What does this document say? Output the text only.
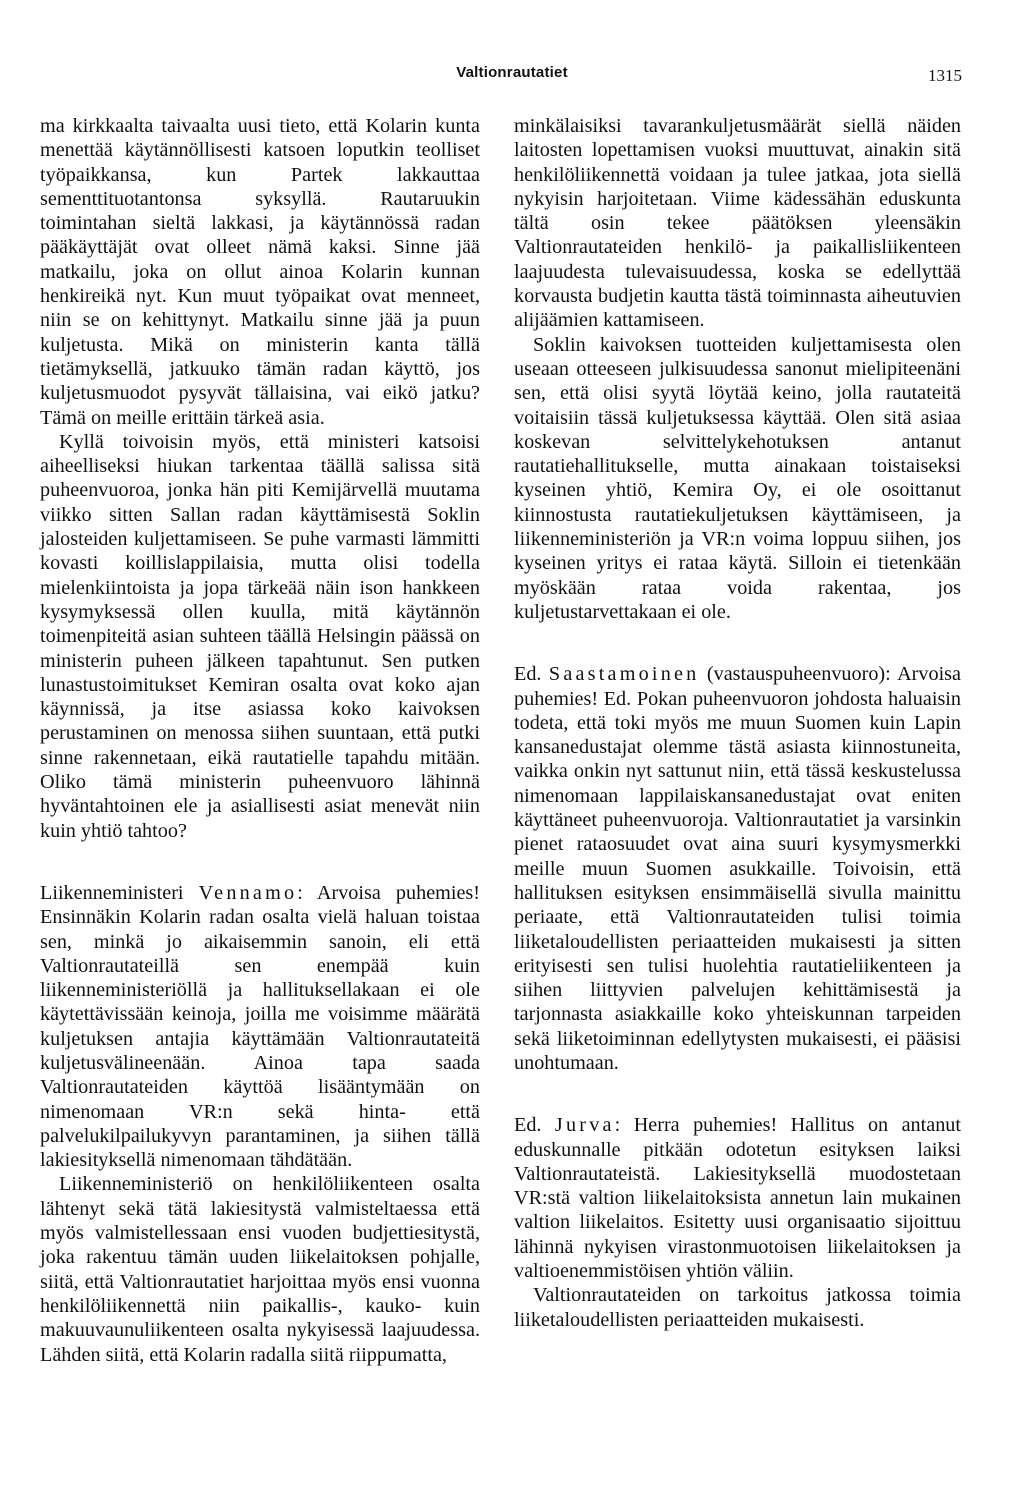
Valtionrautatiet	1315

ma kirkkaalta taivaalta uusi tieto, että Kolarin kunta menettää käytännöllisesti katsoen loputkin teolliset työpaikkansa, kun Partek lakkauttaa sementtituotantonsa syksyllä. Rautaruukin toimintahan sieltä lakkasi, ja käytännössä radan pääkäyttäjät ovat olleet nämä kaksi. Sinne jää matkailu, joka on ollut ainoa Kolarin kunnan henkireikä nyt. Kun muut työpaikat ovat menneet, niin se on kehittynyt. Matkailu sinne jää ja puun kuljetusta. Mikä on ministerin kanta tällä tietämyksellä, jatkuuko tämän radan käyttö, jos kuljetusmuodot pysyvät tällaisina, vai eikö jatku? Tämä on meille erittäin tärkeä asia.

Kyllä toivoisin myös, että ministeri katsoisi aiheelliseksi hiukan tarkentaa täällä salissa sitä puheenvuoroa, jonka hän piti Kemijärvellä muutama viikko sitten Sallan radan käyttämisestä Soklin jalosteiden kuljettamiseen. Se puhe varmasti lämmitti kovasti koillislappilaisia, mutta olisi todella mielenkiintoista ja jopa tärkeää näin ison hankkeen kysymyksessä ollen kuulla, mitä käytännön toimenpiteitä asian suhteen täällä Helsingin päässä on ministerin puheen jälkeen tapahtunut. Sen putken lunastustoimitukset Kemiran osalta ovat koko ajan käynnissä, ja itse asiassa koko kaivoksen perustaminen on menossa siihen suuntaan, että putki sinne rakennetaan, eikä rautatielle tapahdu mitään. Oliko tämä ministerin puheenvuoro lähinnä hyväntahtoinen ele ja asiallisesti asiat menevät niin kuin yhtiö tahtoo?

Liikenneministeri Vennamo: Arvoisa puhemies! Ensinnäkin Kolarin radan osalta vielä haluan toistaa sen, minkä jo aikaisemmin sanoin, eli että Valtionrautateillä sen enempää kuin liikenneministeriöllä ja hallituksellakaan ei ole käytettävissään keinoja, joilla me voisimme määrätä kuljetuksen antajia käyttämään Valtionrautateitä kuljetusvälineenään. Ainoa tapa saada Valtionrautateiden käyttöä lisääntymään on nimenomaan VR:n sekä hinta- että palvelukilpailukyvyn parantaminen, ja siihen tällä lakiesityksellä nimenomaan tähdätään.

Liikenneministeriö on henkilöliikenteen osalta lähtenyt sekä tätä lakiesitystä valmisteltaessa että myös valmistellessaan ensi vuoden budjettiesitystä, joka rakentuu tämän uuden liikelaitoksen pohjalle, siitä, että Valtionrautatiet harjoittaa myös ensi vuonna henkilöliikennettä niin paikallis-, kauko- kuin makuuvaunuliikenteen osalta nykyisessä laajuudessa. Lähden siitä, että Kolarin radalla siitä riippumatta,

minkälaisiksi tavarankuljetusmäärät siellä näiden laitosten lopettamisen vuoksi muuttuvat, ainakin sitä henkilöliikennettä voidaan ja tulee jatkaa, jota siellä nykyisin harjoitetaan. Viime kädessähän eduskunta tältä osin tekee päätöksen yleensäkin Valtionrautateiden henkilö- ja paikallisliikenteen laajuudesta tulevaisuudessa, koska se edellyttää korvausta budjetin kautta tästä toiminnasta aiheutuvien alijäämien kattamiseen.

Soklin kaivoksen tuotteiden kuljettamisesta olen useaan otteeseen julkisuudessa sanonut mielipiteenäni sen, että olisi syytä löytää keino, jolla rautateitä voitaisiin tässä kuljetuksessa käyttää. Olen sitä asiaa koskevan selvittelykehotuksen antanut rautatiehallitukselle, mutta ainakaan toistaiseksi kyseinen yhtiö, Kemira Oy, ei ole osoittanut kiinnostusta rautatiekuljetuksen käyttämiseen, ja liikenneministeriön ja VR:n voima loppuu siihen, jos kyseinen yritys ei rataa käytä. Silloin ei tietenkään myöskään rataa voida rakentaa, jos kuljetustarvettakaan ei ole.

Ed. Saastamoinen (vastauspuheenvuoro): Arvoisa puhemies! Ed. Pokan puheenvuoron johdosta haluaisin todeta, että toki myös me muun Suomen kuin Lapin kansanedustajat olemme tästä asiasta kiinnostuneita, vaikka onkin nyt sattunut niin, että tässä keskustelussa nimenomaan lappilaiskansanedustajat ovat eniten käyttäneet puheenvuoroja. Valtionrautatiet ja varsinkin pienet rataosuudet ovat aina suuri kysymysmerkki meille muun Suomen asukkaille. Toivoisin, että hallituksen esityksen ensimmäisellä sivulla mainittu periaate, että Valtionrautateiden tulisi toimia liiketaloudellisten periaatteiden mukaisesti ja sitten erityisesti sen tulisi huolehtia rautatieliikenteen ja siihen liittyvien palvelujen kehittämisestä ja tarjonnasta asiakkaille koko yhteiskunnan tarpeiden sekä liiketoiminnan edellytysten mukaisesti, ei pääsisi unohtumaan.

Ed. Jurva: Herra puhemies! Hallitus on antanut eduskunnalle pitkään odotetun esityksen laiksi Valtionrautateistä. Lakiesityksellä muodostetaan VR:stä valtion liikelaitoksista annetun lain mukainen valtion liikelaitos. Esitetty uusi organisaatio sijoittuu lähinnä nykyisen virastonmuotoisen liikelaitoksen ja valtioenemmistöisen yhtiön väliin.

Valtionrautateiden on tarkoitus jatkossa toimia liiketaloudellisten periaatteiden mukaisesti.
